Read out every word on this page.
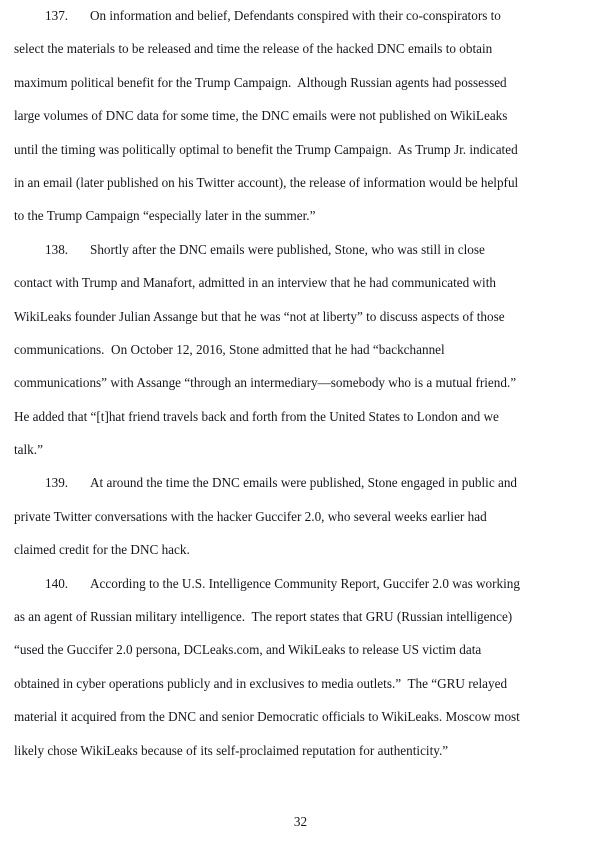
137. On information and belief, Defendants conspired with their co-conspirators to
select the materials to be released and time the release of the hacked DNC emails to obtain
maximum political benefit for the Trump Campaign.  Although Russian agents had possessed
large volumes of DNC data for some time, the DNC emails were not published on WikiLeaks
until the timing was politically optimal to benefit the Trump Campaign.  As Trump Jr. indicated
in an email (later published on his Twitter account), the release of information would be helpful
to the Trump Campaign “especially later in the summer.”
138. Shortly after the DNC emails were published, Stone, who was still in close
contact with Trump and Manafort, admitted in an interview that he had communicated with
WikiLeaks founder Julian Assange but that he was “not at liberty” to discuss aspects of those
communications.  On October 12, 2016, Stone admitted that he had “backchannel
communications” with Assange “through an intermediary—somebody who is a mutual friend.”
He added that “[t]hat friend travels back and forth from the United States to London and we
talk.”
139. At around the time the DNC emails were published, Stone engaged in public and
private Twitter conversations with the hacker Guccifer 2.0, who several weeks earlier had
claimed credit for the DNC hack.
140. According to the U.S. Intelligence Community Report, Guccifer 2.0 was working
as an agent of Russian military intelligence.  The report states that GRU (Russian intelligence)
“used the Guccifer 2.0 persona, DCLeaks.com, and WikiLeaks to release US victim data
obtained in cyber operations publicly and in exclusives to media outlets.”  The “GRU relayed
material it acquired from the DNC and senior Democratic officials to WikiLeaks. Moscow most
likely chose WikiLeaks because of its self-proclaimed reputation for authenticity.”
32
